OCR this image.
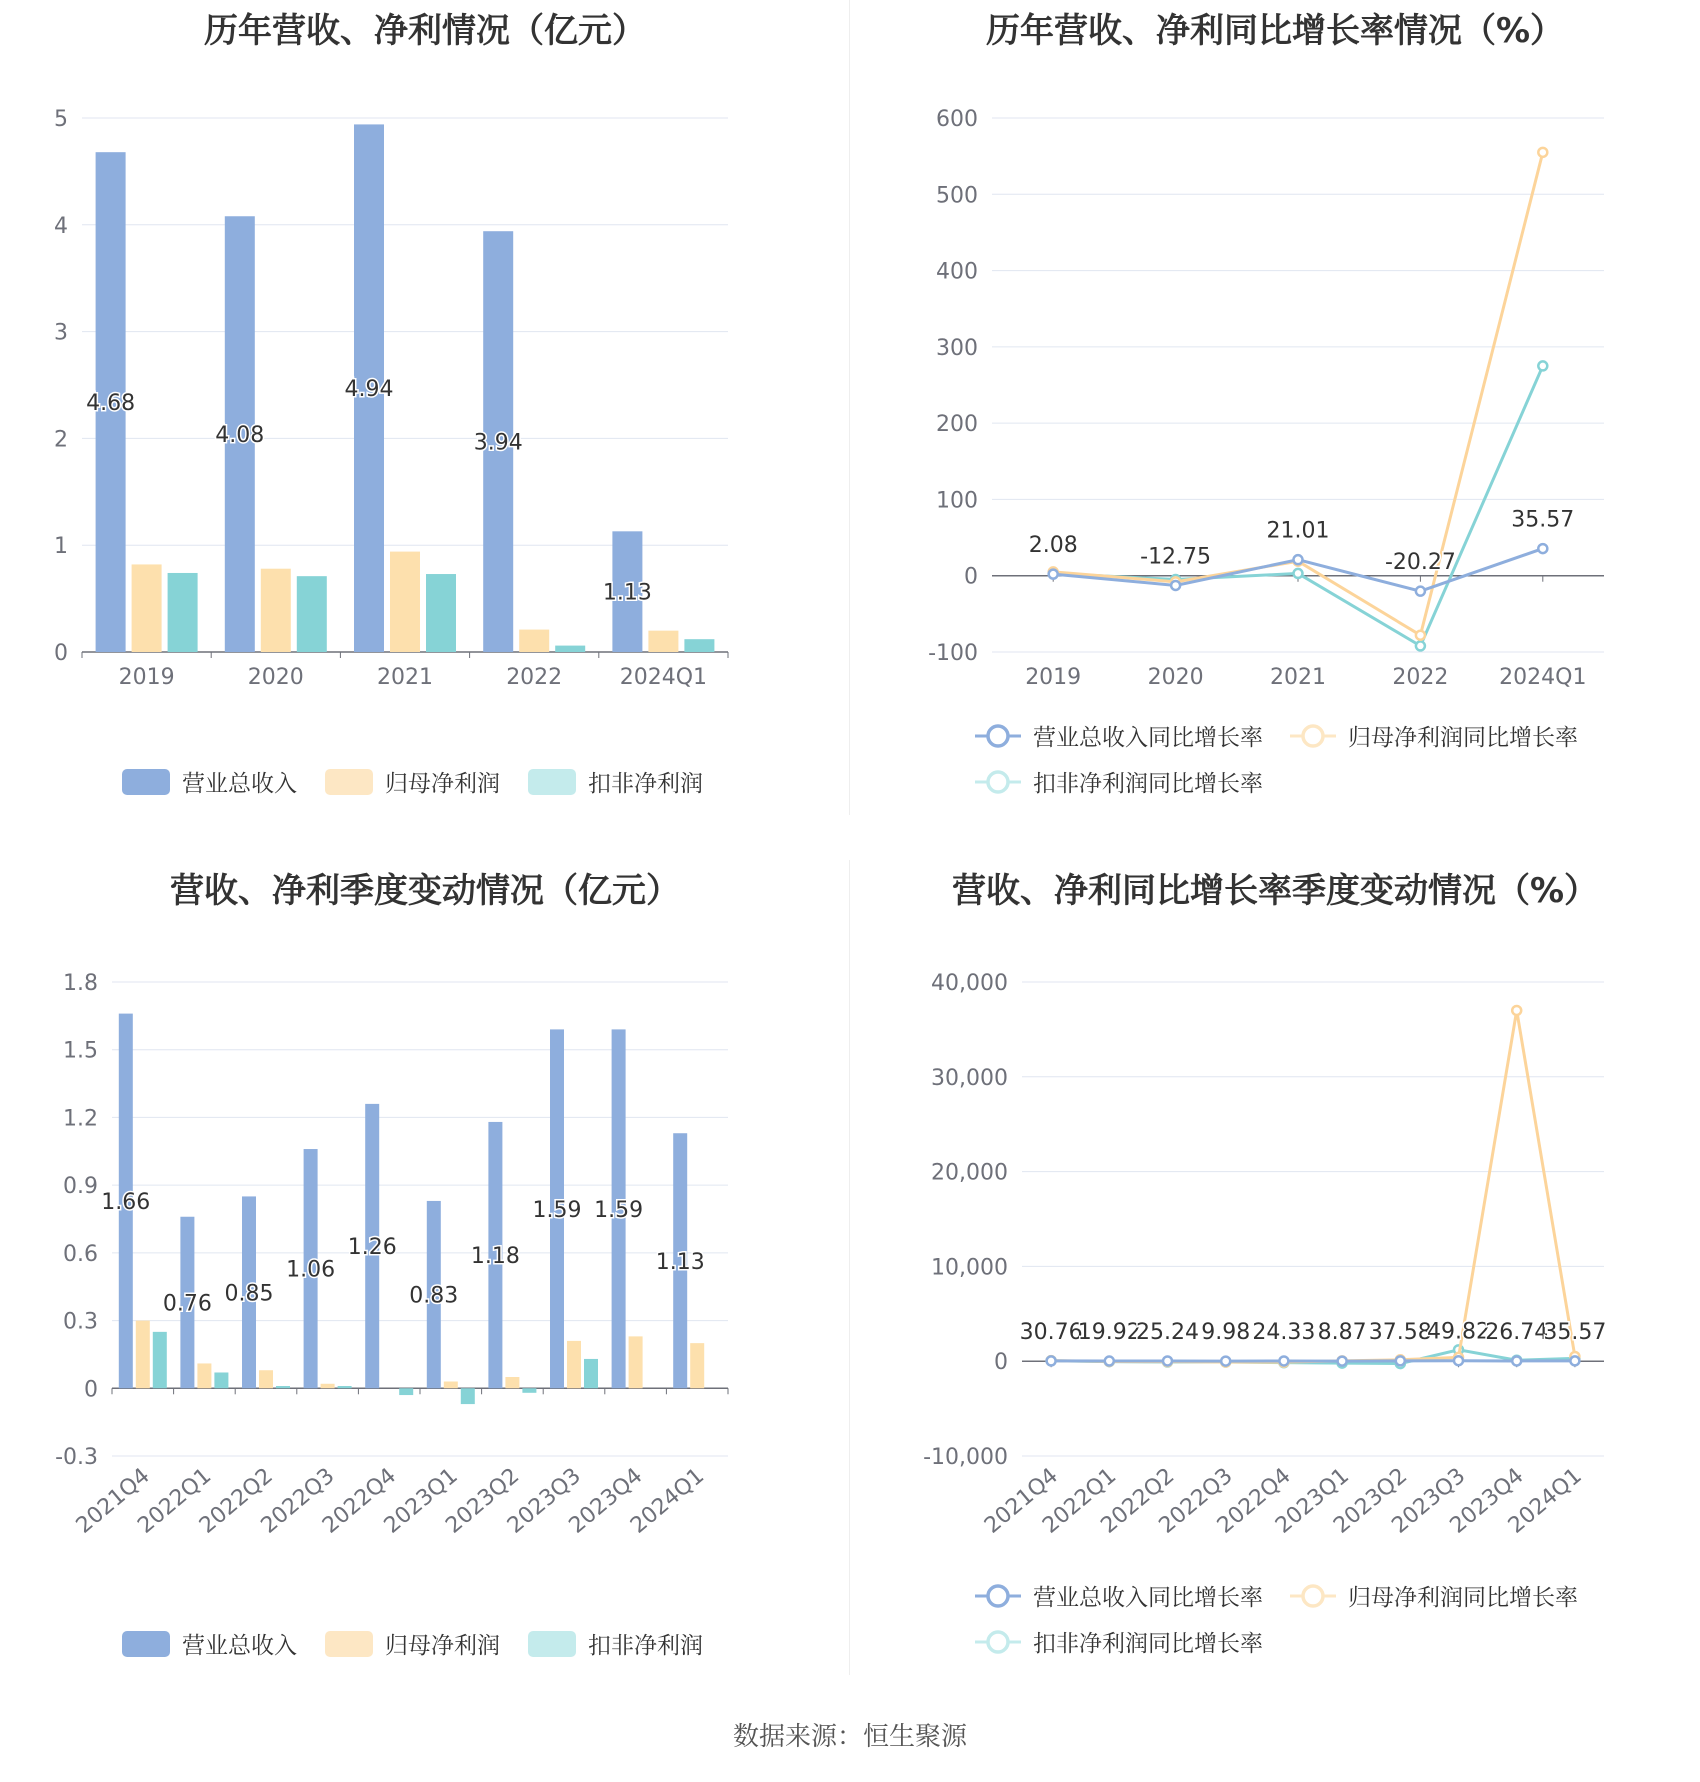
历年营收、净利情况（亿元）
0
1
2
3
4
5
2019	2020	2021	2022	2024Q1
4.68
4.08
4.94
3.94
1.13
营业总收入	归母净利润	扣非净利润
历年营收、净利同比增长率情况（%）
-100
0
100
200
300
400
500
600
2019	2020	2021	2022 2024Q1
2.08	-12.75
21.01
-20.27
35.57
营业总收入同比增长率	归母净利润同比增长率
扣非净利润同比增长率
营收、净利季度变动情况（亿元）
-0.3
0
0.3
0.6
0.9
1.2
1.5
1.8
2021Q4
2022Q1
2022Q2
2022Q3
2022Q4
2023Q1
2023Q2
2023Q3
2023Q4
2024Q1
1.66
0.76 0.85
1.06
1.26
0.83
1.18
1.59 1.59
1.13
营业总收入	归母净利润	扣非净利润
营收、净利同比增长率季度变动情况（%）
-10,000
0
10,000
20,000
30,000
40,000
2021Q4
2022Q1
2022Q2
2022Q3
2022Q4
2023Q1
2023Q2
2023Q3
2023Q4
2024Q1
30.76
19.92
25.24 9.98 24.33 8.87 37.58
49.82
26.74
35.57
营业总收入同比增长率	归母净利润同比增长率
扣非净利润同比增长率
数据来源：恒生聚源
